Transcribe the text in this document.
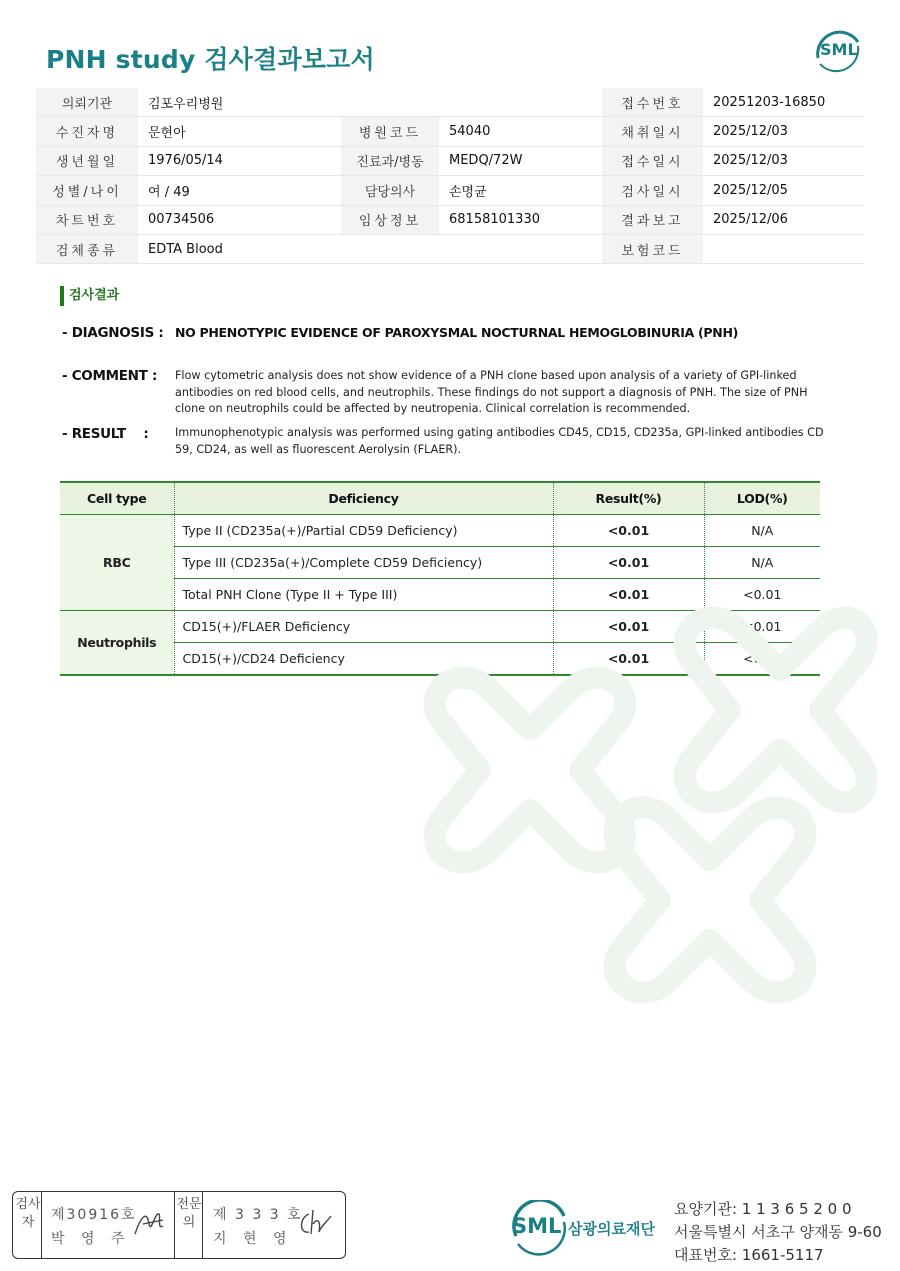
PNH study 검사결과보고서	SML
의뢰기관	김포우리병원			접수번호	20251203-16850
수진자명	문현아	병원코드	54040	채취일시	2025/12/03
생년월일	1976/05/14	진료과/병동	MEDQ/72W	접수일시	2025/12/03
성별/나이	여 / 49	담당의사	손명균	검사일시	2025/12/05
차트번호	00734506	임상정보	68158101330	결과보고	2025/12/06
검체종류	EDTA Blood			보험코드	
검사결과
- DIAGNOSIS : NO PHENOTYPIC EVIDENCE OF PAROXYSMAL NOCTURNAL HEMOGLOBINURIA (PNH)
- COMMENT : Flow cytometric analysis does not show evidence of a PNH clone based upon analysis of a variety of GPI-linked antibodies on red blood cells, and neutrophils. These findings do not support a diagnosis of PNH. The size of PNH clone on neutrophils could be affected by neutropenia. Clinical correlation is recommended.
- RESULT    : Immunophenotypic analysis was performed using gating antibodies CD45, CD15, CD235a, GPI-linked antibodies CD 59, CD24, as well as fluorescent Aerolysin (FLAER).
Cell type	Deficiency	Result(%)	LOD(%)
RBC	Type II (CD235a(+)/Partial CD59 Deficiency)	<0.01	N/A
	Type III (CD235a(+)/Complete CD59 Deficiency)	<0.01	N/A
	Total PNH Clone (Type II + Type III)	<0.01	<0.01
Neutrophils	CD15(+)/FLAER Deficiency	<0.01	<0.01
	CD15(+)/CD24 Deficiency	<0.01	<0.01
검사자	제30916호
박 영 주
전문의	제 3 3 3 호
지 현 영
SML 삼광의료재단
요양기관: 1 1 3 6 5 2 0 0
서울특별시 서초구 양재동 9-60
대표번호: 1661-5117
